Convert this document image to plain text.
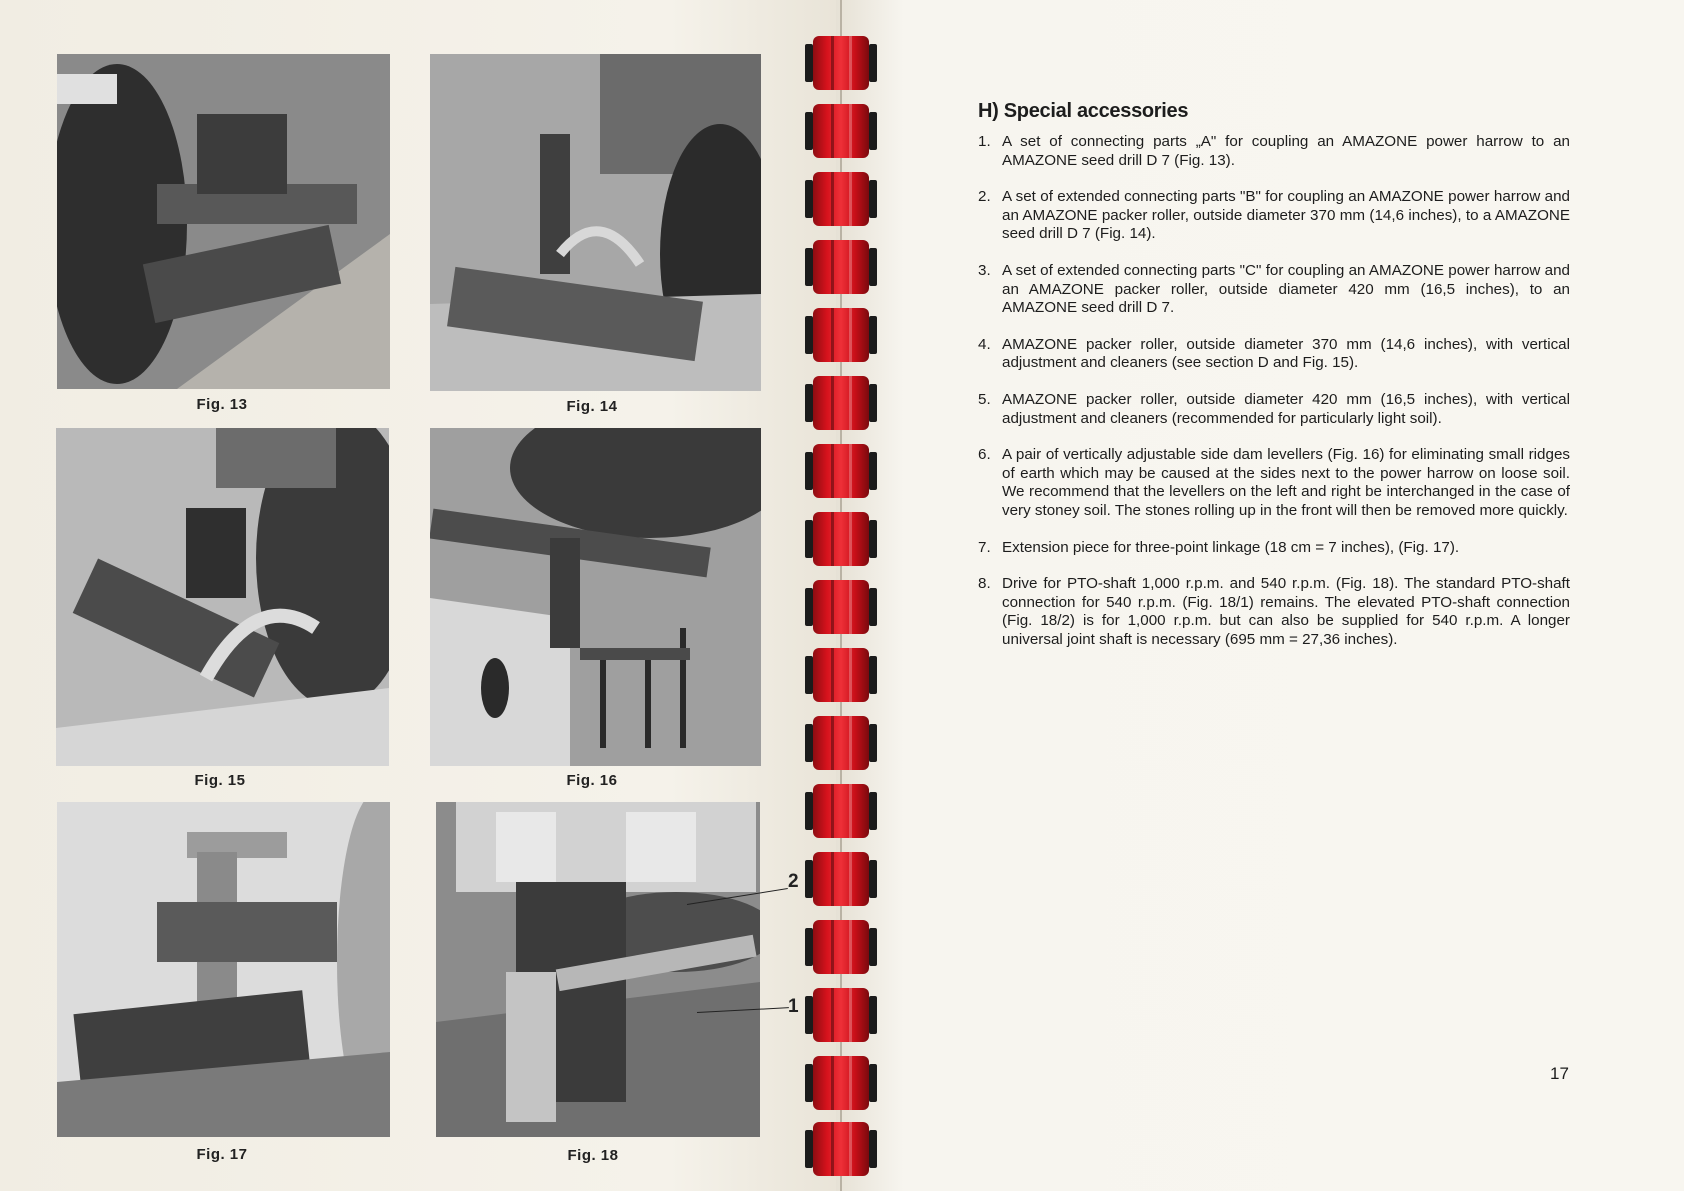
Fig. 13	Fig. 14
Fig. 15	Fig. 16
Fig. 17	Fig. 18
2
1
H) Special accessories
1. A set of connecting parts „A" for coupling an AMAZONE power harrow to an AMAZONE seed drill D 7 (Fig. 13).
2. A set of extended connecting parts "B" for coupling an AMAZONE power harrow and an AMAZONE packer roller, outside diameter 370 mm (14,6 inches), to a AMAZONE seed drill D 7 (Fig. 14).
3. A set of extended connecting parts "C" for coupling an AMAZONE power harrow and an AMAZONE packer roller, outside diameter 420 mm (16,5 inches), to an AMAZONE seed drill D 7.
4. AMAZONE packer roller, outside diameter 370 mm (14,6 inches), with vertical adjustment and cleaners (see section D and Fig. 15).
5. AMAZONE packer roller, outside diameter 420 mm (16,5 inches), with vertical adjustment and cleaners (recommended for particularly light soil).
6. A pair of vertically adjustable side dam levellers (Fig. 16) for eliminating small ridges of earth which may be caused at the sides next to the power harrow on loose soil. We recommend that the levellers on the left and right be interchanged in the case of very stoney soil. The stones rolling up in the front will then be removed more quickly.
7. Extension piece for three-point linkage (18 cm = 7 inches), (Fig. 17).
8. Drive for PTO-shaft 1,000 r.p.m. and 540 r.p.m. (Fig. 18). The standard PTO-shaft connection for 540 r.p.m. (Fig. 18/1) remains. The elevated PTO-shaft connection (Fig. 18/2) is for 1,000 r.p.m. but can also be supplied for 540 r.p.m. A longer universal joint shaft is necessary (695 mm = 27,36 inches).
17
